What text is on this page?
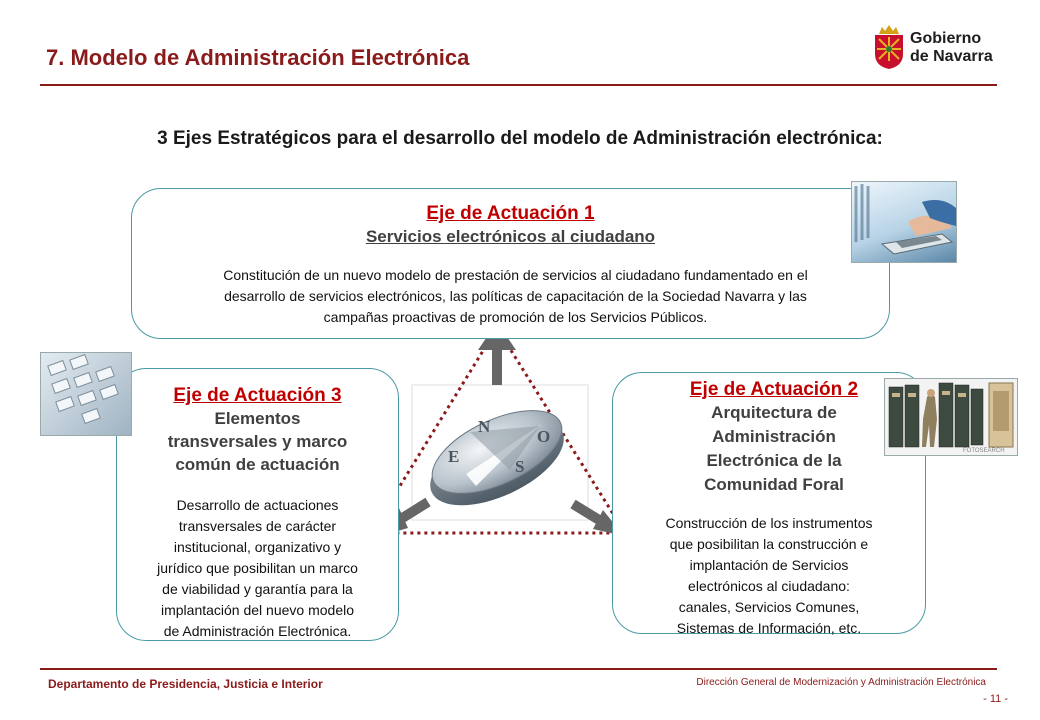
7. Modelo de Administración Electrónica
Gobierno
de Navarra
3 Ejes Estratégicos para el desarrollo del modelo de Administración electrónica:
N
O
S
E
Eje de Actuación 1
Servicios electrónicos al ciudadano
Constitución de un nuevo modelo de prestación de servicios al ciudadano fundamentado en el
desarrollo de servicios electrónicos, las políticas de capacitación de la Sociedad Navarra y las
campañas proactivas de promoción de los Servicios Públicos.
Eje de Actuación 3
Elementos
transversales y marco
común de actuación
Desarrollo de actuaciones
transversales de carácter
institucional, organizativo y
jurídico que posibilitan un marco
de viabilidad y garantía para la
implantación del nuevo modelo
de Administración Electrónica.
Eje de Actuación 2
Arquitectura de
Administración
Electrónica de la
Comunidad Foral
Construcción de los instrumentos
que posibilitan la construcción e
implantación de Servicios
electrónicos al ciudadano:
canales, Servicios Comunes,
Sistemas de Información, etc.
FOTOSEARCH
Departamento de Presidencia, Justicia e Interior	Dirección General de Modernización y Administración Electrónica
- 11 -
